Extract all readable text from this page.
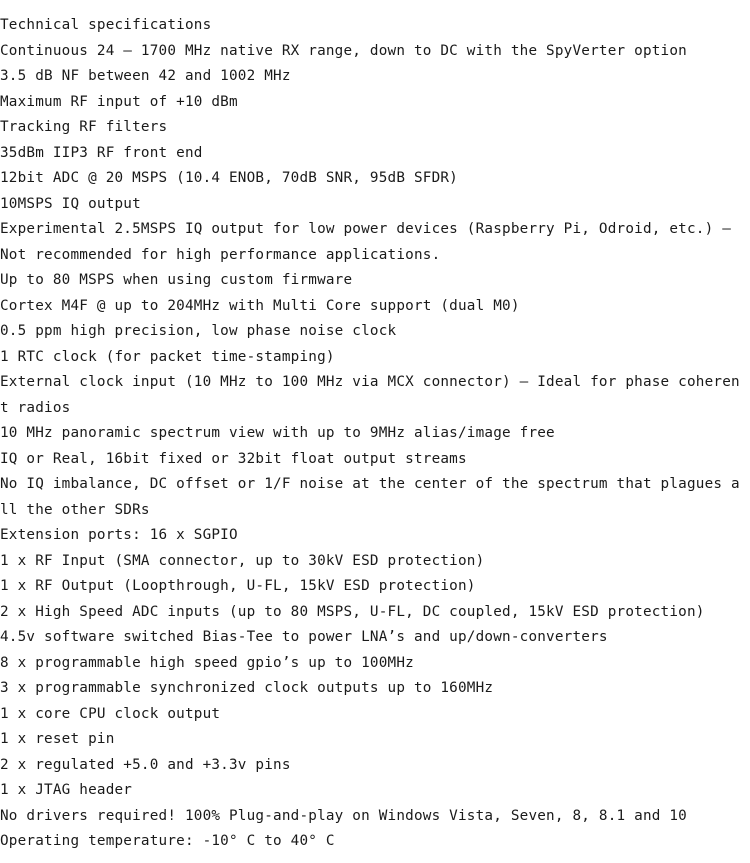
Technical specifications
Continuous 24 – 1700 MHz native RX range, down to DC with the SpyVerter option
3.5 dB NF between 42 and 1002 MHz
Maximum RF input of +10 dBm
Tracking RF filters
35dBm IIP3 RF front end
12bit ADC @ 20 MSPS (10.4 ENOB, 70dB SNR, 95dB SFDR)
10MSPS IQ output
Experimental 2.5MSPS IQ output for low power devices (Raspberry Pi, Odroid, etc.) – Not recommended for high performance applications.
Up to 80 MSPS when using custom firmware
Cortex M4F @ up to 204MHz with Multi Core support (dual M0)
0.5 ppm high precision, low phase noise clock
1 RTC clock (for packet time-stamping)
External clock input (10 MHz to 100 MHz via MCX connector) – Ideal for phase coherent radios
10 MHz panoramic spectrum view with up to 9MHz alias/image free
IQ or Real, 16bit fixed or 32bit float output streams
No IQ imbalance, DC offset or 1/F noise at the center of the spectrum that plagues all the other SDRs
Extension ports: 16 x SGPIO
1 x RF Input (SMA connector, up to 30kV ESD protection)
1 x RF Output (Loopthrough, U-FL, 15kV ESD protection)
2 x High Speed ADC inputs (up to 80 MSPS, U-FL, DC coupled, 15kV ESD protection)
4.5v software switched Bias-Tee to power LNA’s and up/down-converters
8 x programmable high speed gpio’s up to 100MHz
3 x programmable synchronized clock outputs up to 160MHz
1 x core CPU clock output
1 x reset pin
2 x regulated +5.0 and +3.3v pins
1 x JTAG header
No drivers required! 100% Plug-and-play on Windows Vista, Seven, 8, 8.1 and 10
Operating temperature: -10° C to 40° C
